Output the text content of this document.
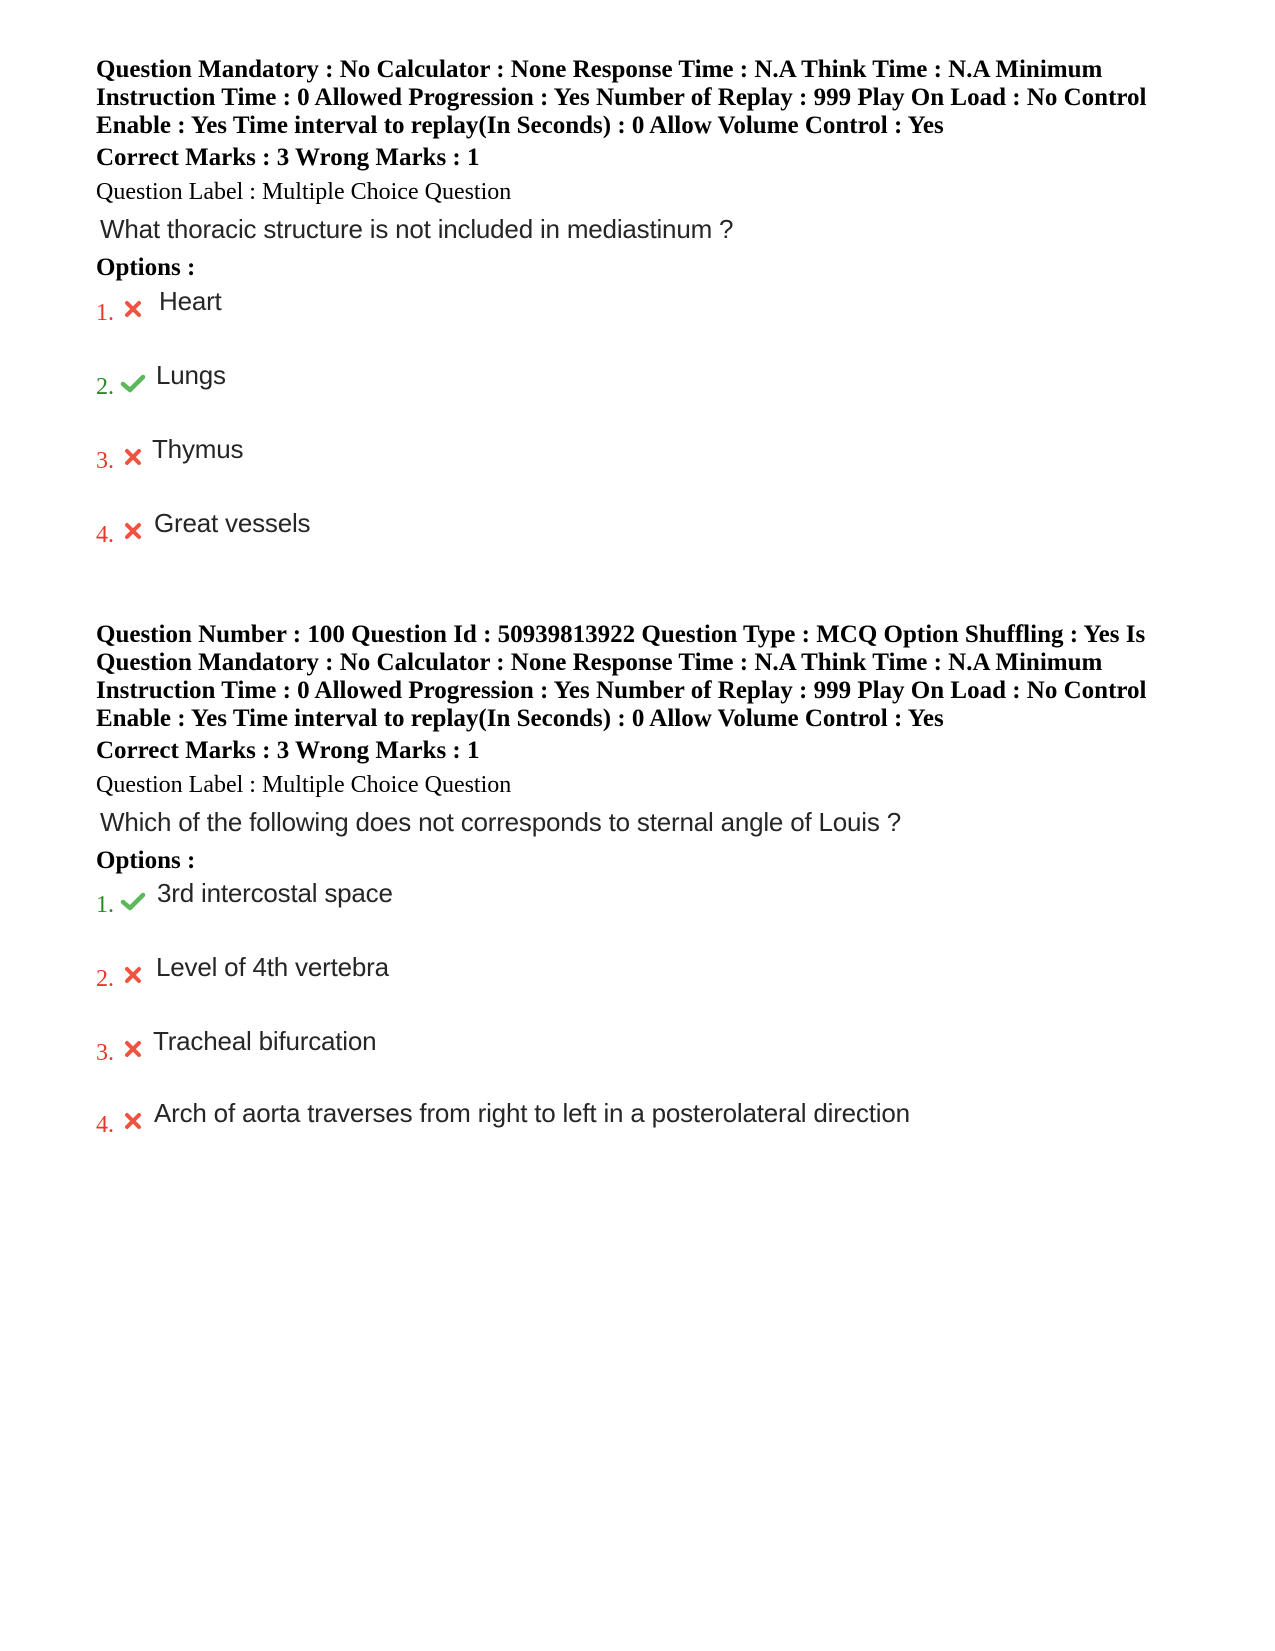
Question Mandatory : No Calculator : None Response Time : N.A Think Time : N.A Minimum

Instruction Time : 0 Allowed Progression : Yes Number of Replay : 999 Play On Load : No Control

Enable : Yes Time interval to replay(In Seconds) : 0 Allow Volume Control : Yes

Correct Marks : 3 Wrong Marks : 1

Question Label : Multiple Choice Question

What thoracic structure is not included in mediastinum ?

Options :

1. Heart
2. Lungs
3. Thymus
4. Great vessels

Question Number : 100 Question Id : 50939813922 Question Type : MCQ Option Shuffling : Yes Is

Question Mandatory : No Calculator : None Response Time : N.A Think Time : N.A Minimum

Instruction Time : 0 Allowed Progression : Yes Number of Replay : 999 Play On Load : No Control

Enable : Yes Time interval to replay(In Seconds) : 0 Allow Volume Control : Yes

Correct Marks : 3 Wrong Marks : 1

Question Label : Multiple Choice Question

Which of the following does not corresponds to sternal angle of Louis ?

Options :

1. 3rd intercostal space
2. Level of 4th vertebra
3. Tracheal bifurcation
4. Arch of aorta traverses from right to left in a posterolateral direction
